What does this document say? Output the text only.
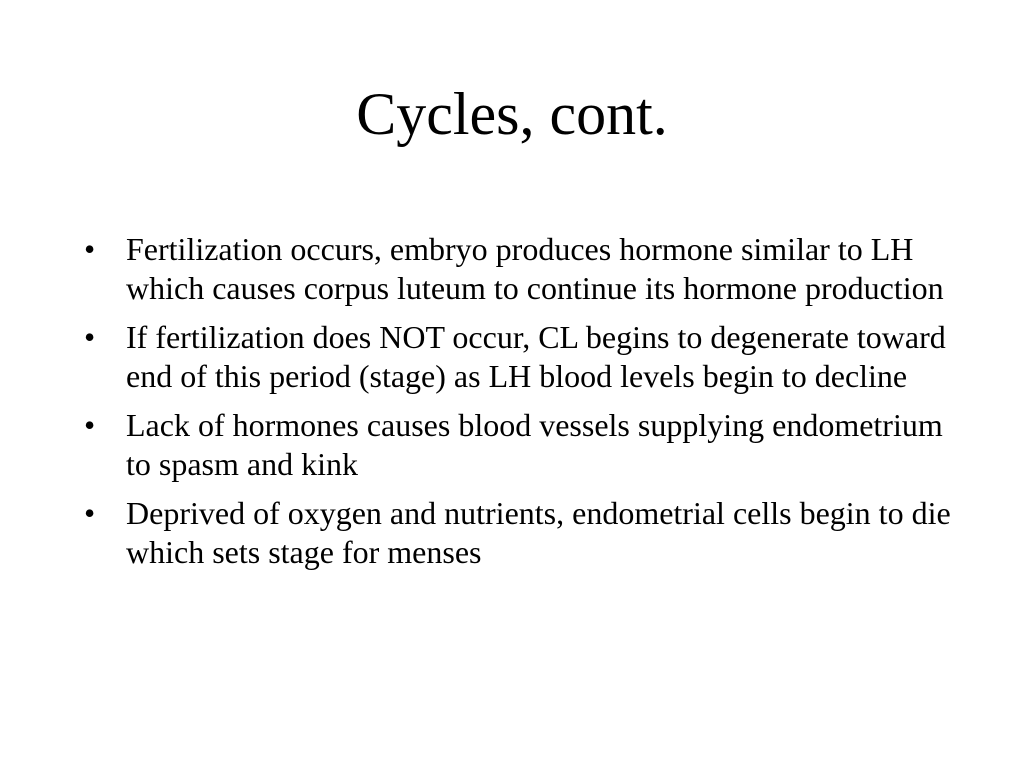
Cycles, cont.
• Fertilization occurs, embryo produces hormone similar to LH which causes corpus luteum to continue its hormone production
• If fertilization does NOT occur, CL begins to degenerate toward end of this period (stage) as LH blood levels begin to decline
• Lack of hormones causes blood vessels supplying endometrium to spasm and kink
• Deprived of oxygen and nutrients, endometrial cells begin to die which sets stage for menses
